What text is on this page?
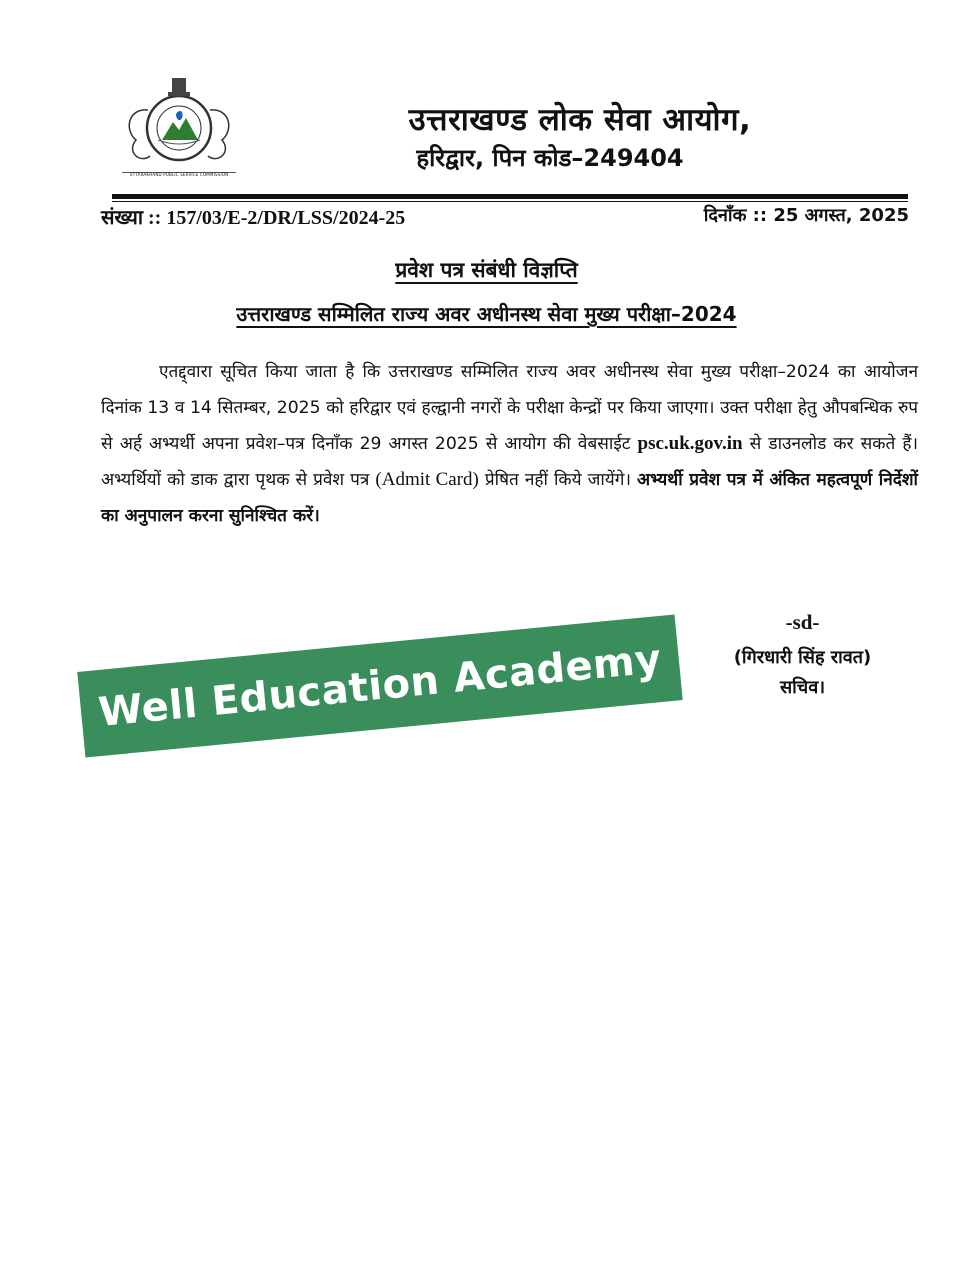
UTTARAKHAND PUBLIC SERVICE COMMISSION
उत्तराखण्ड लोक सेवा आयोग,
हरिद्वार, पिन कोड–249404
संख्या :: 157/03/E-2/DR/LSS/2024-25	दिनाँक :: 25 अगस्त, 2025
प्रवेश पत्र संबंधी विज्ञप्ति
उत्तराखण्ड सम्मिलित राज्य अवर अधीनस्थ सेवा मुख्य परीक्षा–2024
एतद्द्वारा सूचित किया जाता है कि उत्तराखण्ड सम्मिलित राज्य अवर अधीनस्थ सेवा मुख्य परीक्षा–2024 का आयोजन दिनांक 13 व 14 सितम्बर, 2025 को हरिद्वार एवं हल्द्वानी नगरों के परीक्षा केन्द्रों पर किया जाएगा। उक्त परीक्षा हेतु औपबन्धिक रुप से अर्ह अभ्यर्थी अपना प्रवेश–पत्र दिनाँक 29 अगस्त 2025 से आयोग की वेबसाईट psc.uk.gov.in से डाउनलोड कर सकते हैं। अभ्यर्थियों को डाक द्वारा पृथक से प्रवेश पत्र (Admit Card) प्रेषित नहीं किये जायेंगे। अभ्यर्थी प्रवेश पत्र में अंकित महत्वपूर्ण निर्देशों का अनुपालन करना सुनिश्चित करें।
-sd-
(गिरधारी सिंह रावत)
सचिव।
Well Education Academy
